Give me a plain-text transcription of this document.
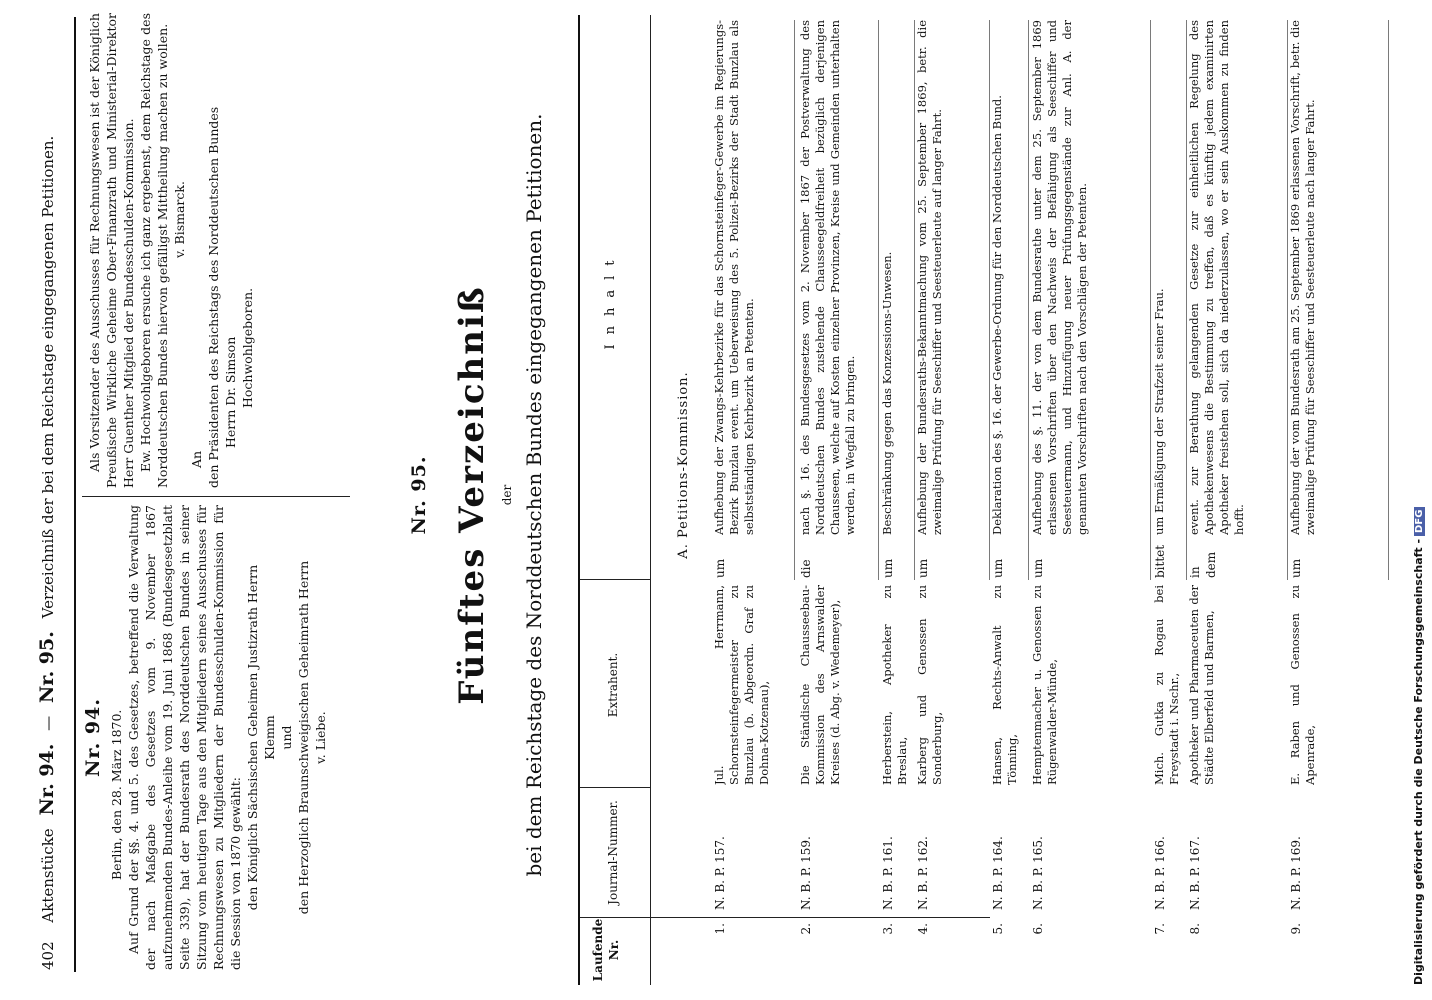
402 Aktenstücke Nr. 94. — Nr. 95. Verzeichniß der bei dem Reichstage eingegangenen Petitionen.

Nr. 94. Berlin, den 28. März 1870. Auf Grund der §§. 4. und 5. des Gesetzes, betreffend die Verwaltung der nach Maßgabe des Gesetzes vom 9. November 1867 aufzunehmenden Bundes-Anleihe vom 19. Juni 1868 (Bundesgesetzblatt Seite 339), hat der Bundesrath des Norddeutschen Bundes in seiner Sitzung vom heutigen Tage aus den Mitgliedern seines Ausschusses für Rechnungswesen zu Mitgliedern der Bundesschulden-Kommission für die Session von 1870 gewählt: den Königlich Sächsischen Geheimen Justizrath Herrn Klemm und den Herzoglich Braunschweigischen Geheimrath Herrn v. Liebe.

Als Vorsitzender des Ausschusses für Rechnungswesen ist der Königlich Preußische Wirkliche Geheime Ober-Finanzrath und Ministerial-Direktor Herr Guenther Mitglied der Bundesschulden-Kommission. Ew. Hochwohlgeboren ersuche ich ganz ergebenst, dem Reichstage des Norddeutschen Bundes hiervon gefälligst Mittheilung machen zu wollen. v. Bismarck.

An den Präsidenten des Reichstags des Norddeutschen Bundes Herrn Dr. Simson Hochwohlgeboren.

Nr. 95. Fünftes Verzeichniß der bei dem Reichstage des Norddeutschen Bundes eingegangenen Petitionen.

Laufende Nr.
Journal-Nummer.
Extrahent.
Inhalt
A. Petitions-Kommission.
1.
N. B. P. 157.
Jul. Herrmann, Schornsteinfegermeister zu Bunzlau (b. Abgeordn. Graf zu Dohna-Kotzenau),
um
Aufhebung der Zwangs-Kehrbezirke für das Schornsteinfeger-Gewerbe im Regierungs-Bezirk Bunzlau event. um Ueberweisung des 5. Polizei-Bezirks der Stadt Bunzlau als selbstständigen Kehrbezirk an Petenten.
2.
N. B. P. 159.
Die Ständische Chausseebau-Kommission des Arnswalder Kreises (d. Abg. v. Wedemeyer),
die
nach §. 16. des Bundesgesetzes vom 2. November 1867 der Postverwaltung des Norddeutschen Bundes zustehende Chausseegeldfreiheit bezüglich derjenigen Chausseen, welche auf Kosten einzelner Provinzen, Kreise und Gemeinden unterhalten werden, in Wegfall zu bringen.
3.
N. B. P. 161.
Herberstein, Apotheker zu Breslau,
um
Beschränkung gegen das Konzessions-Unwesen.
4.
N. B. P. 162.
Karberg und Genossen zu Sonderburg,
um
Aufhebung der Bundesraths-Bekanntmachung vom 25. September 1869, betr. die zweimalige Prüfung für Seeschiffer und Seesteuerleute auf langer Fahrt.
5.
N. B. P. 164.
Hansen, Rechts-Anwalt zu Tönning,
um
Deklaration des §. 16. der Gewerbe-Ordnung für den Norddeutschen Bund.
6.
N. B. P. 165.
Hemptenmacher u. Genossen zu Rügenwalder-Münde,
um
Aufhebung des §. 11. der von dem Bundesrathe unter dem 25. September 1869 erlassenen Vorschriften über den Nachweis der Befähigung als Seeschiffer und Seesteuermann, und Hinzufügung neuer Prüfungsgegenstände zur Anl. A. der genannten Vorschriften nach den Vorschlägen der Petenten.
7.
N. B. P. 166.
Mich. Gutka zu Rogau bei Freystadt i. Nschr.,
bittet
um Ermäßigung der Strafzeit seiner Frau.
8.
N. B. P. 167.
Apotheker und Pharmaceuten der Städte Elberfeld und Barmen,
in dem
event. zur Berathung gelangenden Gesetze zur einheitlichen Regelung des Apothekenwesens die Bestimmung zu treffen, daß es künftig jedem examinirten Apotheker freistehen soll, sich da niederzulassen, wo er sein Auskommen zu finden hofft.
9.
N. B. P. 169.
E. Raben und Genossen zu Apenrade,
um
Aufhebung der vom Bundesrath am 25. September 1869 erlassenen Vorschrift, betr. die zweimalige Prüfung für Seeschiffer und Seesteuerleute nach langer Fahrt.
Digitalisierung gefördert durch die Deutsche Forschungsgemeinschaft -DFG
